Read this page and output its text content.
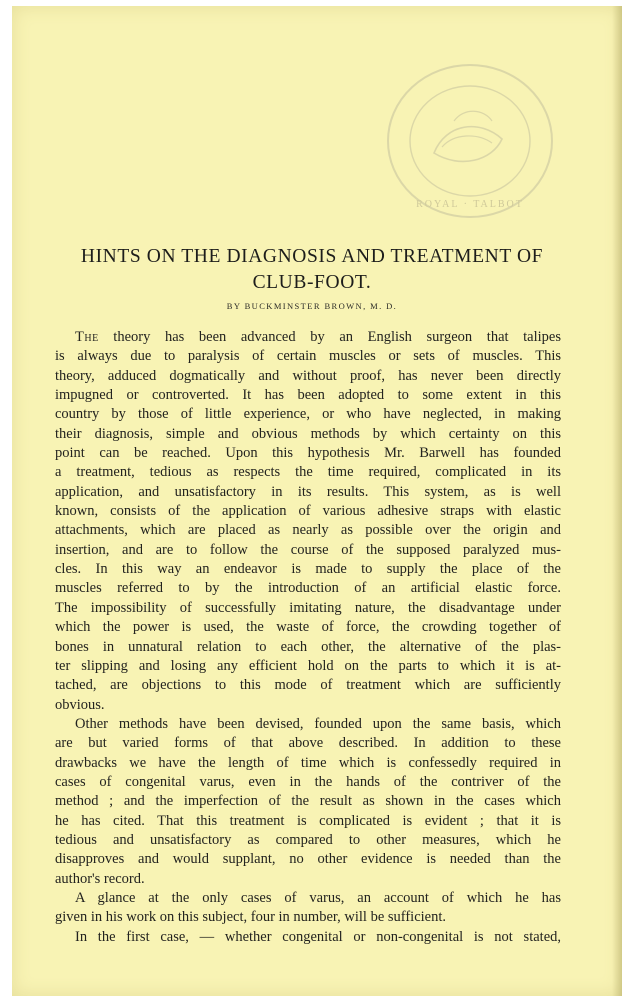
ROYAL · TALBOT
HINTS ON THE DIAGNOSIS AND TREATMENT OF
CLUB-FOOT.
BY BUCKMINSTER BROWN, M. D.
The theory has been advanced by an English surgeon that talipes
is always due to paralysis of certain muscles or sets of muscles. This
theory, adduced dogmatically and without proof, has never been directly
impugned or controverted. It has been adopted to some extent in this
country by those of little experience, or who have neglected, in making
their diagnosis, simple and obvious methods by which certainty on this
point can be reached. Upon this hypothesis Mr. Barwell has founded
a treatment, tedious as respects the time required, complicated in its
application, and unsatisfactory in its results. This system, as is well
known, consists of the application of various adhesive straps with elastic
attachments, which are placed as nearly as possible over the origin and
insertion, and are to follow the course of the supposed paralyzed mus-
cles. In this way an endeavor is made to supply the place of the
muscles referred to by the introduction of an artificial elastic force.
The impossibility of successfully imitating nature, the disadvantage under
which the power is used, the waste of force, the crowding together of
bones in unnatural relation to each other, the alternative of the plas-
ter slipping and losing any efficient hold on the parts to which it is at-
tached, are objections to this mode of treatment which are sufficiently
obvious.
Other methods have been devised, founded upon the same basis, which
are but varied forms of that above described. In addition to these
drawbacks we have the length of time which is confessedly required in
cases of congenital varus, even in the hands of the contriver of the
method ; and the imperfection of the result as shown in the cases which
he has cited. That this treatment is complicated is evident ; that it is
tedious and unsatisfactory as compared to other measures, which he
disapproves and would supplant, no other evidence is needed than the
author's record.
A glance at the only cases of varus, an account of which he has
given in his work on this subject, four in number, will be sufficient.
In the first case, — whether congenital or non-congenital is not stated,
